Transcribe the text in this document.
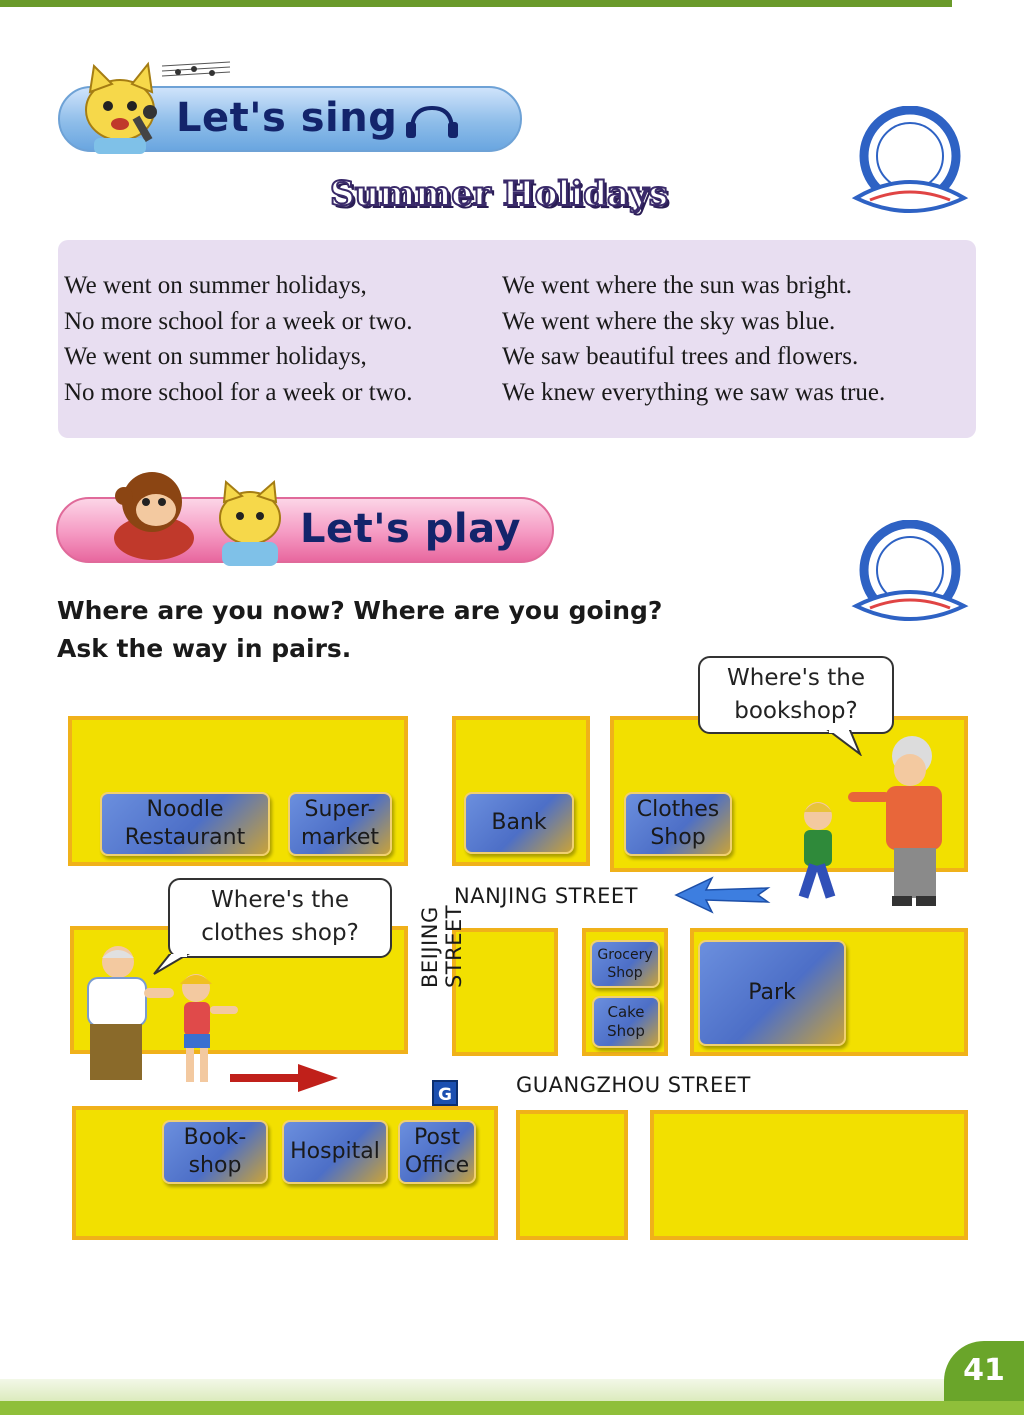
Let's sing
Summer Holidays
We went on summer holidays,
No more school for a week or two.
We went on summer holidays,
No more school for a week or two.
We went where the sun was bright.
We went where the sky was blue.
We saw beautiful trees and flowers.
We knew everything we saw was true.
Let's play
Where are you now? Where are you going?
Ask the way in pairs.
Noodle
Restaurant
Super-
market
Bank
Clothes
Shop
Grocery
Shop
Cake
Shop
Park
Book-
shop
Hospital
Post
Office
NANJING STREET
GUANGZHOU STREET
BEIJING STREET
G
Where's the
bookshop?
Where's the
clothes shop?
41
